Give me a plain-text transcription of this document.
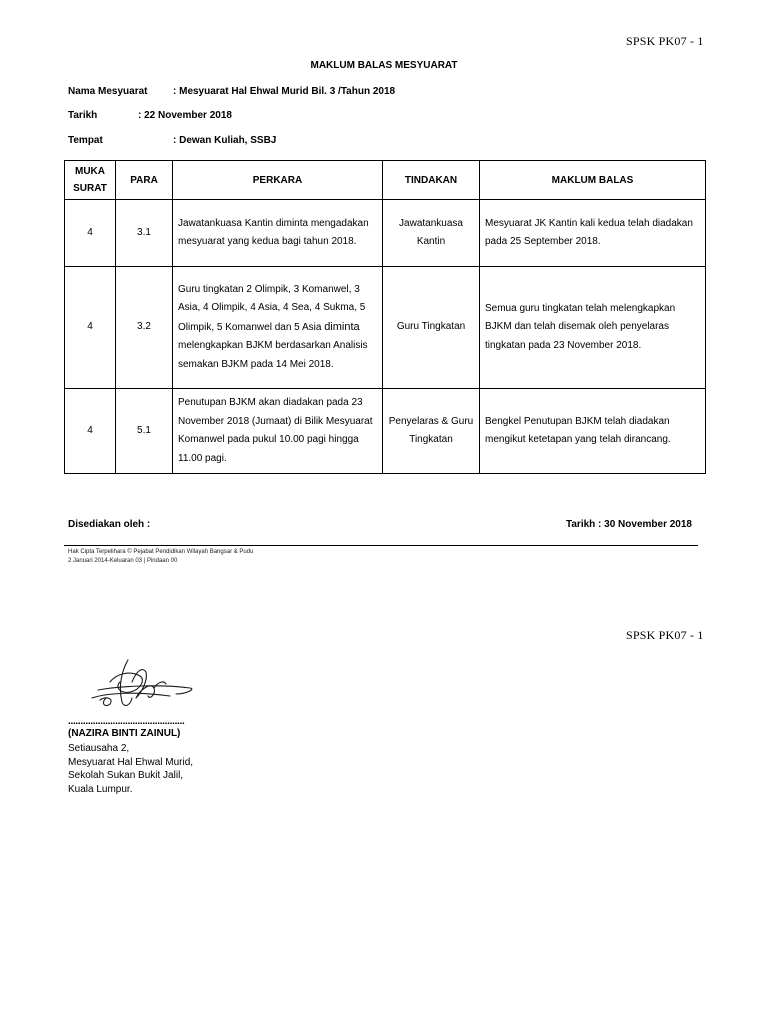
SPSK PK07 - 1
MAKLUM BALAS MESYUARAT
Nama Mesyuarat	: Mesyuarat Hal Ehwal Murid Bil. 3 /Tahun 2018
Tarikh	: 22 November 2018
Tempat	: Dewan Kuliah, SSBJ
MUKA SURAT	PARA	PERKARA	TINDAKAN	MAKLUM BALAS
4	3.1	Jawatankuasa Kantin diminta mengadakan mesyuarat yang kedua bagi tahun 2018.	Jawatankuasa Kantin	Mesyuarat JK Kantin kali kedua telah diadakan pada 25 September 2018.
4	3.2	Guru tingkatan 2 Olimpik, 3 Komanwel, 3 Asia, 4 Olimpik, 4 Asia, 4 Sea, 4 Sukma, 5 Olimpik, 5 Komanwel dan 5 Asia diminta melengkapkan BJKM berdasarkan Analisis semakan BJKM pada 14 Mei 2018.	Guru Tingkatan	Semua guru tingkatan telah melengkapkan BJKM dan telah disemak oleh penyelaras tingkatan pada 23 November 2018.
4	5.1	Penutupan BJKM akan diadakan pada 23 November 2018 (Jumaat) di Bilik Mesyuarat Komanwel pada pukul 10.00 pagi hingga 11.00 pagi.	Penyelaras & Guru Tingkatan	Bengkel Penutupan BJKM telah diadakan mengikut ketetapan yang telah dirancang.
Disediakan oleh :	Tarikh : 30 November 2018
Hak Cipta Terpelihara © Pejabat Pendidikan Wilayah Bangsar & Pudu
2 Januari 2014-Keluaran 03 | Pindaan 00
SPSK PK07 - 1
...............................................
(NAZIRA BINTI ZAINUL)
Setiausaha 2,
Mesyuarat Hal Ehwal Murid,
Sekolah Sukan Bukit Jalil,
Kuala Lumpur.
